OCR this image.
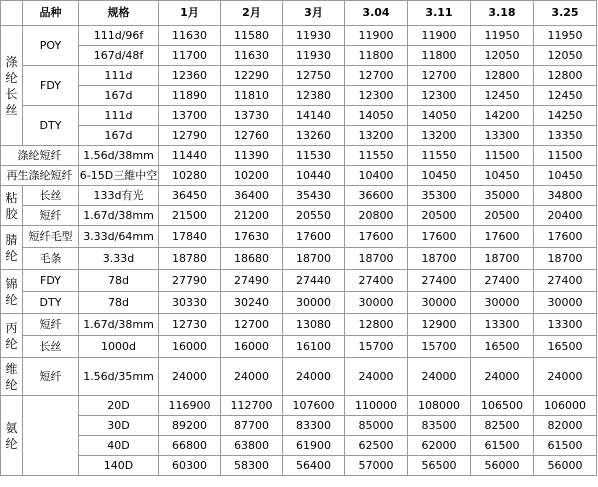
	品种	规格	1月	2月	3月	3.04	3.11	3.18	3.25
涤纶长丝	POY	111d/96f	11630	11580	11930	11900	11900	11950	11950
		167d/48f	11700	11630	11930	11800	11800	12050	12050
	FDY	111d	12360	12290	12750	12700	12700	12800	12800
		167d	11890	11810	12380	12300	12300	12450	12450
	DTY	111d	13700	13730	14140	14050	14050	14200	14250
		167d	12790	12760	13260	13200	13200	13300	13350
涤纶短纤		1.56d/38mm	11440	11390	11530	11550	11550	11500	11500
再生涤纶短纤		6-15D三維中空	10280	10200	10440	10400	10450	10450	10450
粘胶	长丝	133d有光	36450	36400	35430	36600	35300	35000	34800
	短纤	1.67d/38mm	21500	21200	20550	20800	20500	20500	20400
腈纶	短纤毛型	3.33d/64mm	17840	17630	17600	17600	17600	17600	17600
	毛条	3.33d	18780	18680	18700	18700	18700	18700	18700
锦纶	FDY	78d	27790	27490	27440	27400	27400	27400	27400
	DTY	78d	30330	30240	30000	30000	30000	30000	30000
丙纶	短纤	1.67d/38mm	12730	12700	13080	12800	12900	13300	13300
	长丝	1000d	16000	16000	16100	15700	15700	16500	16500
维纶	短纤	1.56d/35mm	24000	24000	24000	24000	24000	24000	24000
氨纶		20D	116900	112700	107600	110000	108000	106500	106000
		30D	89200	87700	83300	85000	83500	82500	82000
		40D	66800	63800	61900	62500	62000	61500	61500
		140D	60300	58300	56400	57000	56500	56000	56000
